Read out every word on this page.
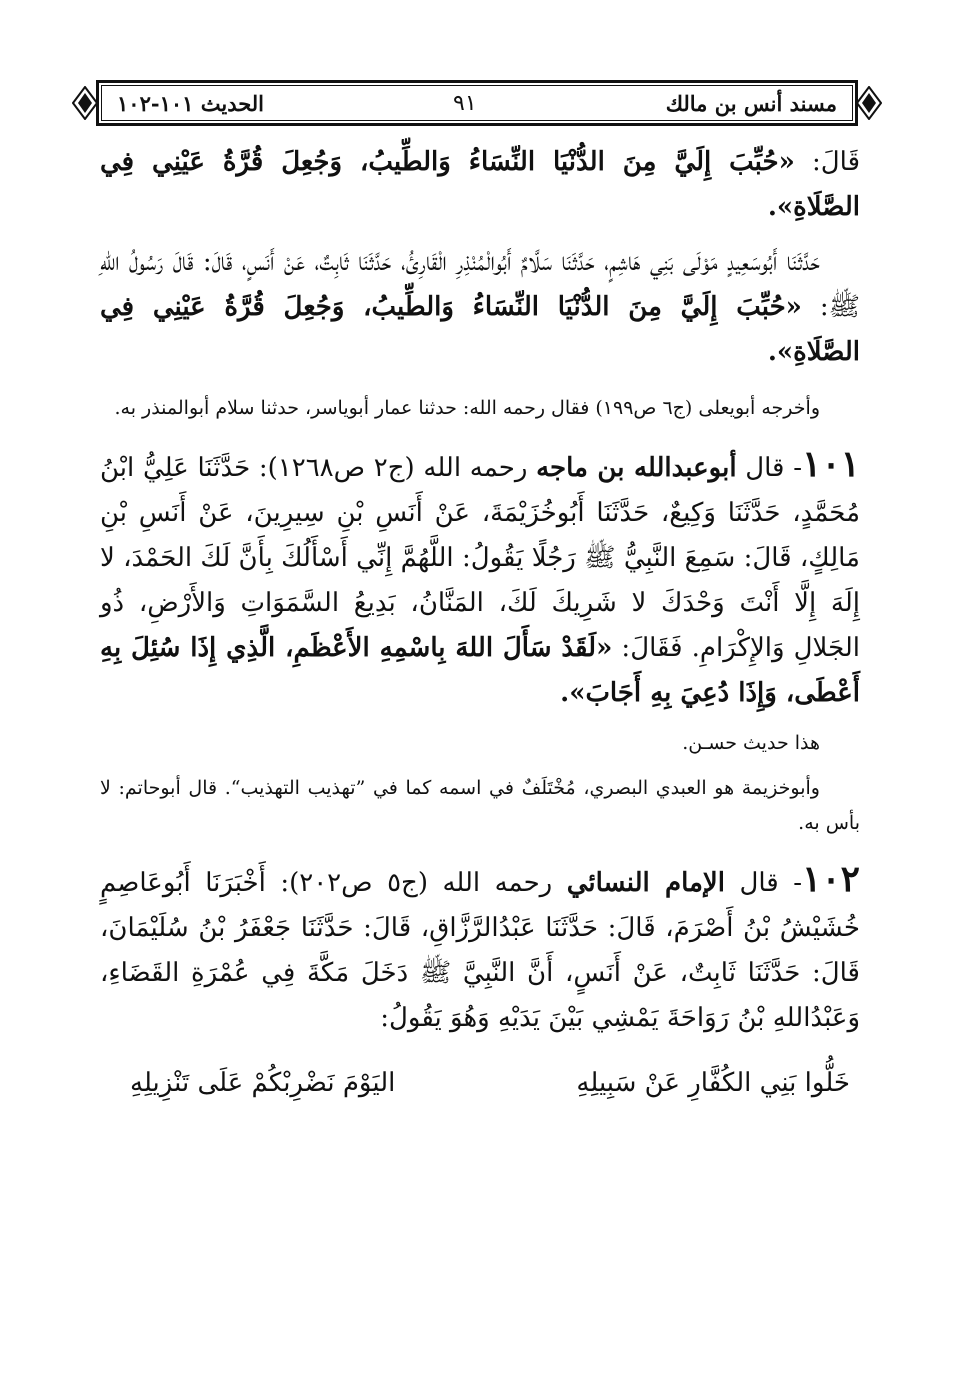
مسند أنس بن مالك
٩١
الحديث ١٠١-١٠٢

قَالَ: «حُبِّبَ إِلَيَّ مِنَ الدُّنْيَا النِّسَاءُ وَالطِّيبُ، وَجُعِلَ قُرَّةُ عَيْنِي فِي الصَّلَاةِ».

حَدَّثَنَا أَبُوسَعِيدٍ مَوْلَى بَنِي هَاشِمٍ، حَدَّثَنَا سَلَّامٌ أَبُوالْمُنْذِرِ الْقَارِئُ، حَدَّثَنَا ثَابِتٌ، عَنْ أَنَسٍ، قَالَ: قَالَ رَسُولُ اللهِ ﷺ: «حُبِّبَ إِلَيَّ مِنَ الدُّنْيَا النِّسَاءُ وَالطِّيبُ، وَجُعِلَ قُرَّةُ عَيْنِي فِي الصَّلَاةِ».

وأخرجه أبويعلى (ج٦ ص١٩٩) فقال رحمه الله: حدثنا عمار أبوياسر، حدثنا سلام أبوالمنذر به.

١٠١- قال أبوعبدالله بن ماجه رحمه الله (ج٢ ص١٢٦٨): حَدَّثَنَا عَلِيُّ ابْنُ مُحَمَّدٍ، حَدَّثَنَا وَكِيعٌ، حَدَّثَنَا أَبُوخُزَيْمَةَ، عَنْ أَنَسِ بْنِ سِيرِينَ، عَنْ أَنَسِ بْنِ مَالِكٍ، قَالَ: سَمِعَ النَّبِيُّ ﷺ رَجُلًا يَقُولُ: اللَّهُمَّ إِنِّي أَسْأَلُكَ بِأَنَّ لَكَ الحَمْدَ، لا إِلَهَ إِلَّا أَنْتَ وَحْدَكَ لا شَرِيكَ لَكَ، المَنَّانُ، بَدِيعُ السَّمَوَاتِ وَالأَرْضِ، ذُو الجَلالِ وَالإِكْرَامِ. فَقَالَ: «لَقَدْ سَأَلَ اللهَ بِاسْمِهِ الأَعْظَمِ، الَّذِي إِذَا سُئِلَ بِهِ أَعْطَى، وَإِذَا دُعِيَ بِهِ أَجَابَ».

هذا حديث حسـن.

وأبوخزيمة هو العبدي البصري، مُخْتَلَفٌ في اسمه كما في ”تهذيب التهذيب“. قال أبوحاتم: لا بأس به.

١٠٢- قال الإمام النسائي رحمه الله (ج٥ ص٢٠٢): أَخْبَرَنَا أَبُوعَاصِمٍ خُشَيْشُ بْنُ أَصْرَمَ، قَالَ: حَدَّثَنَا عَبْدُالرَّزَّاقِ، قَالَ: حَدَّثَنَا جَعْفَرُ بْنُ سُلَيْمَانَ، قَالَ: حَدَّثَنَا ثَابِتٌ، عَنْ أَنَسٍ، أَنَّ النَّبِيَّ ﷺ دَخَلَ مَكَّةَ فِي عُمْرَةِ القَضَاءِ، وَعَبْدُاللهِ بْنُ رَوَاحَةَ يَمْشِي بَيْنَ يَدَيْهِ وَهُوَ يَقُولُ:

خَلُّوا بَنِي الكُفَّارِ عَنْ سَبِيلِهِ
اليَوْمَ نَضْرِبْكُمْ عَلَى تَنْزِيلِهِ
